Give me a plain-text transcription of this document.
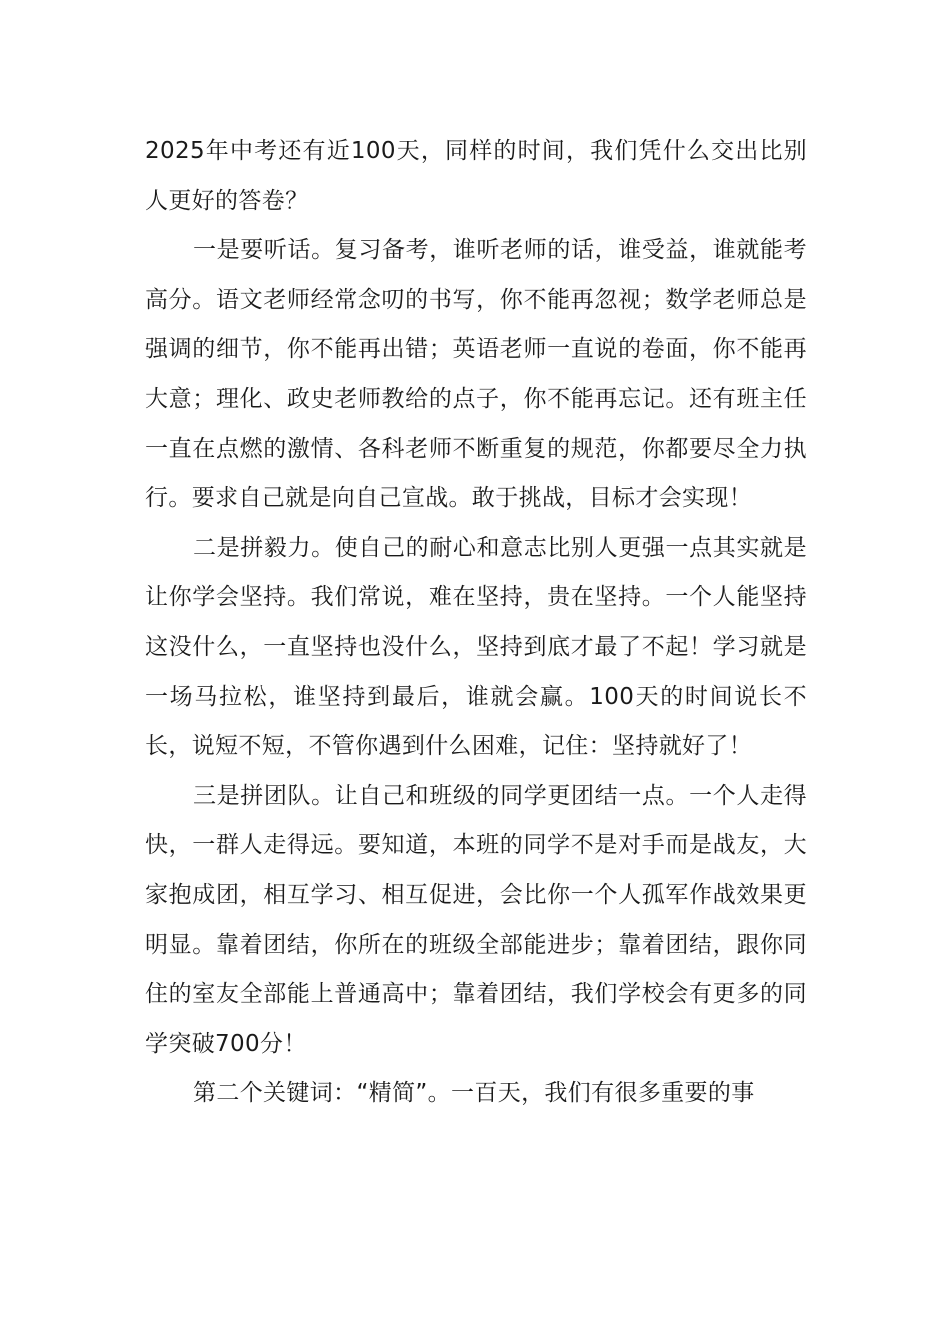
2025年中考还有近100天，同样的时间，我们凭什么交出比别人更好的答卷？

一是要听话。复习备考，谁听老师的话，谁受益，谁就能考高分。语文老师经常念叨的书写，你不能再忽视；数学老师总是强调的细节，你不能再出错；英语老师一直说的卷面，你不能再大意；理化、政史老师教给的点子，你不能再忘记。还有班主任一直在点燃的激情、各科老师不断重复的规范，你都要尽全力执行。要求自己就是向自己宣战。敢于挑战，目标才会实现！

二是拼毅力。使自己的耐心和意志比别人更强一点其实就是让你学会坚持。我们常说，难在坚持，贵在坚持。一个人能坚持这没什么，一直坚持也没什么，坚持到底才最了不起！学习就是一场马拉松，谁坚持到最后，谁就会赢。100天的时间说长不长，说短不短，不管你遇到什么困难，记住：坚持就好了！

三是拼团队。让自己和班级的同学更团结一点。一个人走得快，一群人走得远。要知道，本班的同学不是对手而是战友，大家抱成团，相互学习、相互促进，会比你一个人孤军作战效果更明显。靠着团结，你所在的班级全部能进步；靠着团结，跟你同住的室友全部能上普通高中；靠着团结，我们学校会有更多的同学突破700分！

第二个关键词：“精简”。一百天，我们有很多重要的事
